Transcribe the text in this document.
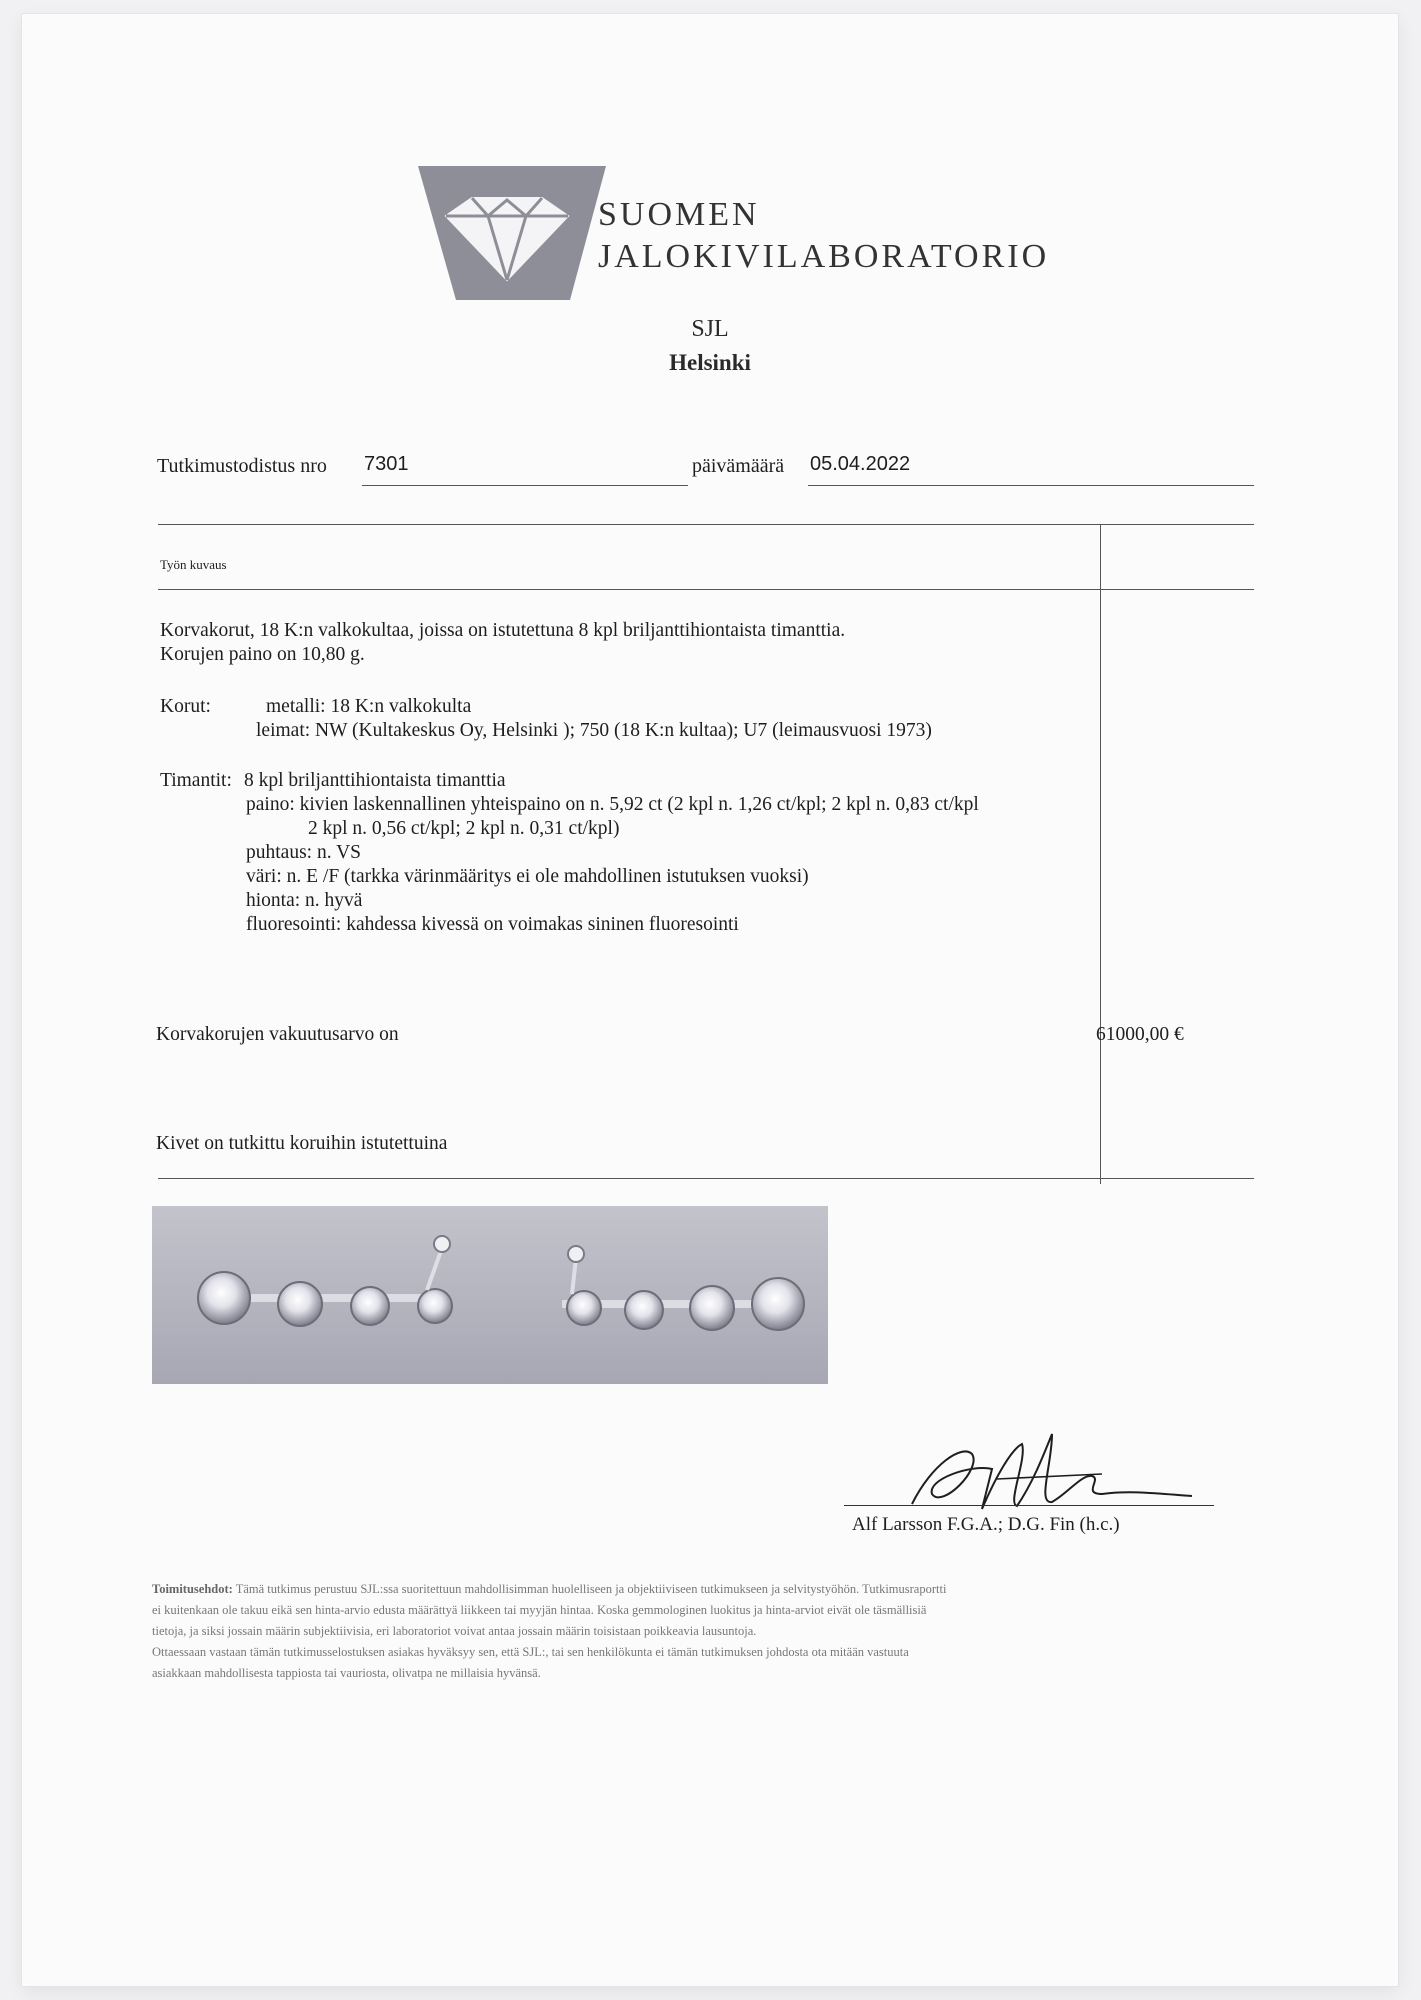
SUOMEN
JALOKIVILABORATORIO
SJL
Helsinki
Tutkimustodistus nro 7301	päivämäärä 05.04.2022
Työn kuvaus
Korvakorut, 18 K:n valkokultaa, joissa on istutettuna 8 kpl briljanttihiontaista timanttia.
Korujen paino on 10,80 g.
Korut:	metalli: 18 K:n valkokulta
leimat: NW (Kultakeskus Oy, Helsinki ); 750 (18 K:n kultaa); U7 (leimausvuosi 1973)
Timantit: 8 kpl briljanttihiontaista timanttia
paino: kivien laskennallinen yhteispaino on n. 5,92 ct (2 kpl n. 1,26 ct/kpl; 2 kpl n. 0,83 ct/kpl
2 kpl n. 0,56 ct/kpl; 2 kpl n. 0,31 ct/kpl)
puhtaus: n. VS
väri: n. E /F (tarkka värinmääritys ei ole mahdollinen istutuksen vuoksi)
hionta: n. hyvä
fluoresointi: kahdessa kivessä on voimakas sininen fluoresointi
Korvakorujen vakuutusarvo on	61000,00 €
Kivet on tutkittu koruihin istutettuina
Alf Larsson F.G.A.; D.G. Fin (h.c.)
Toimitusehdot: Tämä tutkimus perustuu SJL:ssa suoritettuun mahdollisimman huolelliseen ja objektiiviseen tutkimukseen ja selvitystyöhön. Tutkimusraportti
ei kuitenkaan ole takuu eikä sen hinta-arvio edusta määrättyä liikkeen tai myyjän hintaa. Koska gemmologinen luokitus ja hinta-arviot eivät ole täsmällisiä
tietoja, ja siksi jossain määrin subjektiivisia, eri laboratoriot voivat antaa jossain määrin toisistaan poikkeavia lausuntoja.
Ottaessaan vastaan tämän tutkimusselostuksen asiakas hyväksyy sen, että SJL:, tai sen henkilökunta ei tämän tutkimuksen johdosta ota mitään vastuuta
asiakkaan mahdollisesta tappiosta tai vauriosta, olivatpa ne millaisia hyvänsä.
